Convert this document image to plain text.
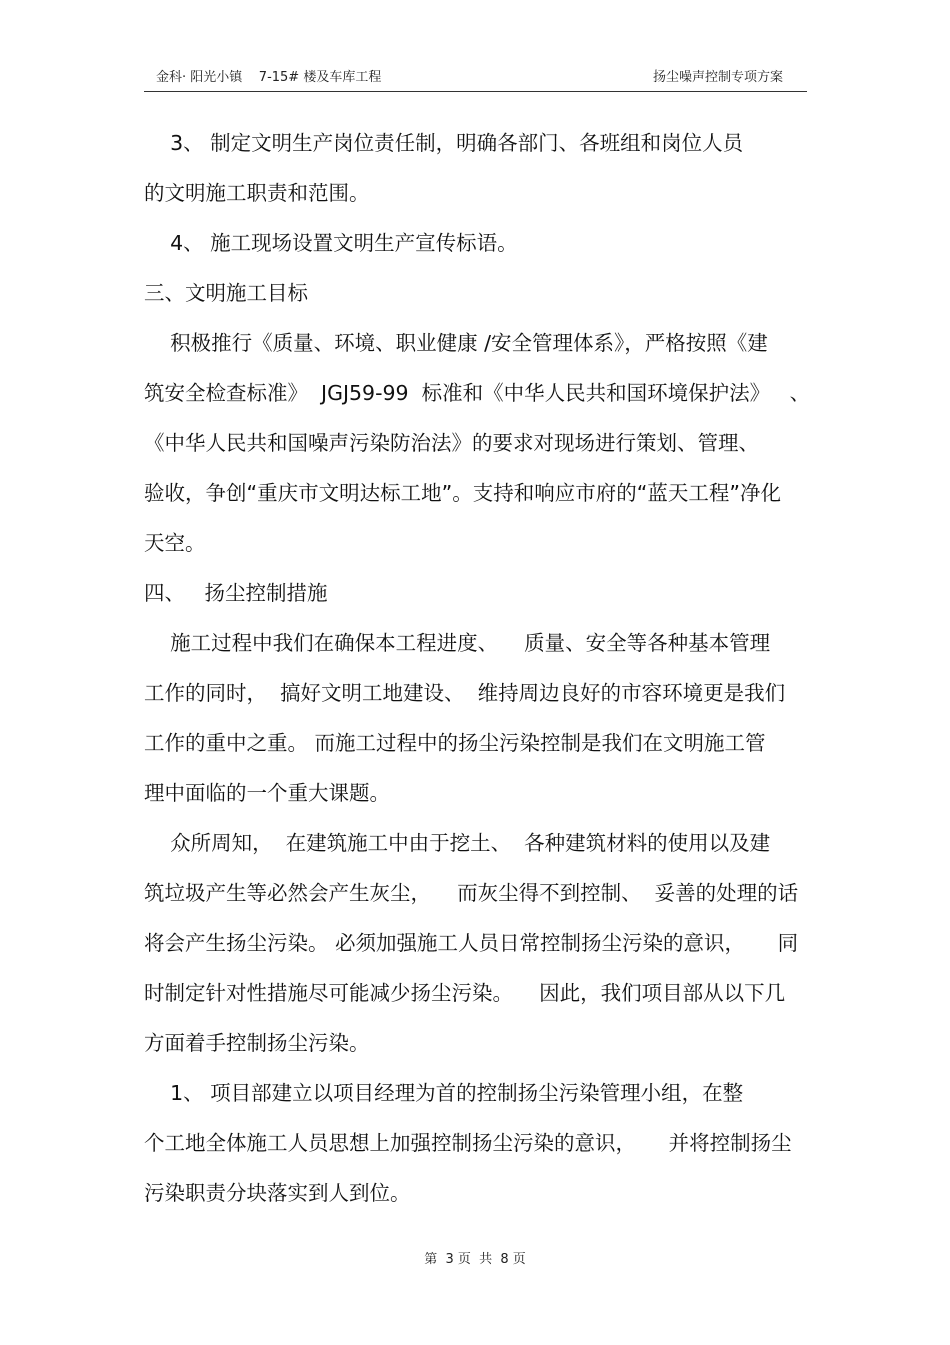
金科· 阳光小镇    7-15# 楼及车库工程	扬尘噪声控制专项方案
3、 制定文明生产岗位责任制，明确各部门、各班组和岗位人员
的文明施工职责和范围。
4、 施工现场设置文明生产宣传标语。
三、文明施工目标
积极推行《质量、环境、职业健康 /安全管理体系》，严格按照《建
筑安全检查标准》  JGJ59-99  标准和《中华人民共和国环境保护法》   、
《中华人民共和国噪声污染防治法》的要求对现场进行策划、管理、
验收，争创“重庆市文明达标工地”。支持和响应市府的“蓝天工程”净化
天空。
四、   扬尘控制措施
施工过程中我们在确保本工程进度、    质量、安全等各种基本管理
工作的同时，  搞好文明工地建设、  维持周边良好的市容环境更是我们
工作的重中之重。 而施工过程中的扬尘污染控制是我们在文明施工管
理中面临的一个重大课题。
众所周知，  在建筑施工中由于挖土、  各种建筑材料的使用以及建
筑垃圾产生等必然会产生灰尘，    而灰尘得不到控制、  妥善的处理的话
将会产生扬尘污染。 必须加强施工人员日常控制扬尘污染的意识，     同
时制定针对性措施尽可能减少扬尘污染。    因此，我们项目部从以下几
方面着手控制扬尘污染。
1、 项目部建立以项目经理为首的控制扬尘污染管理小组，在整
个工地全体施工人员思想上加强控制扬尘污染的意识，     并将控制扬尘
污染职责分块落实到人到位。
第  3 页  共  8 页
